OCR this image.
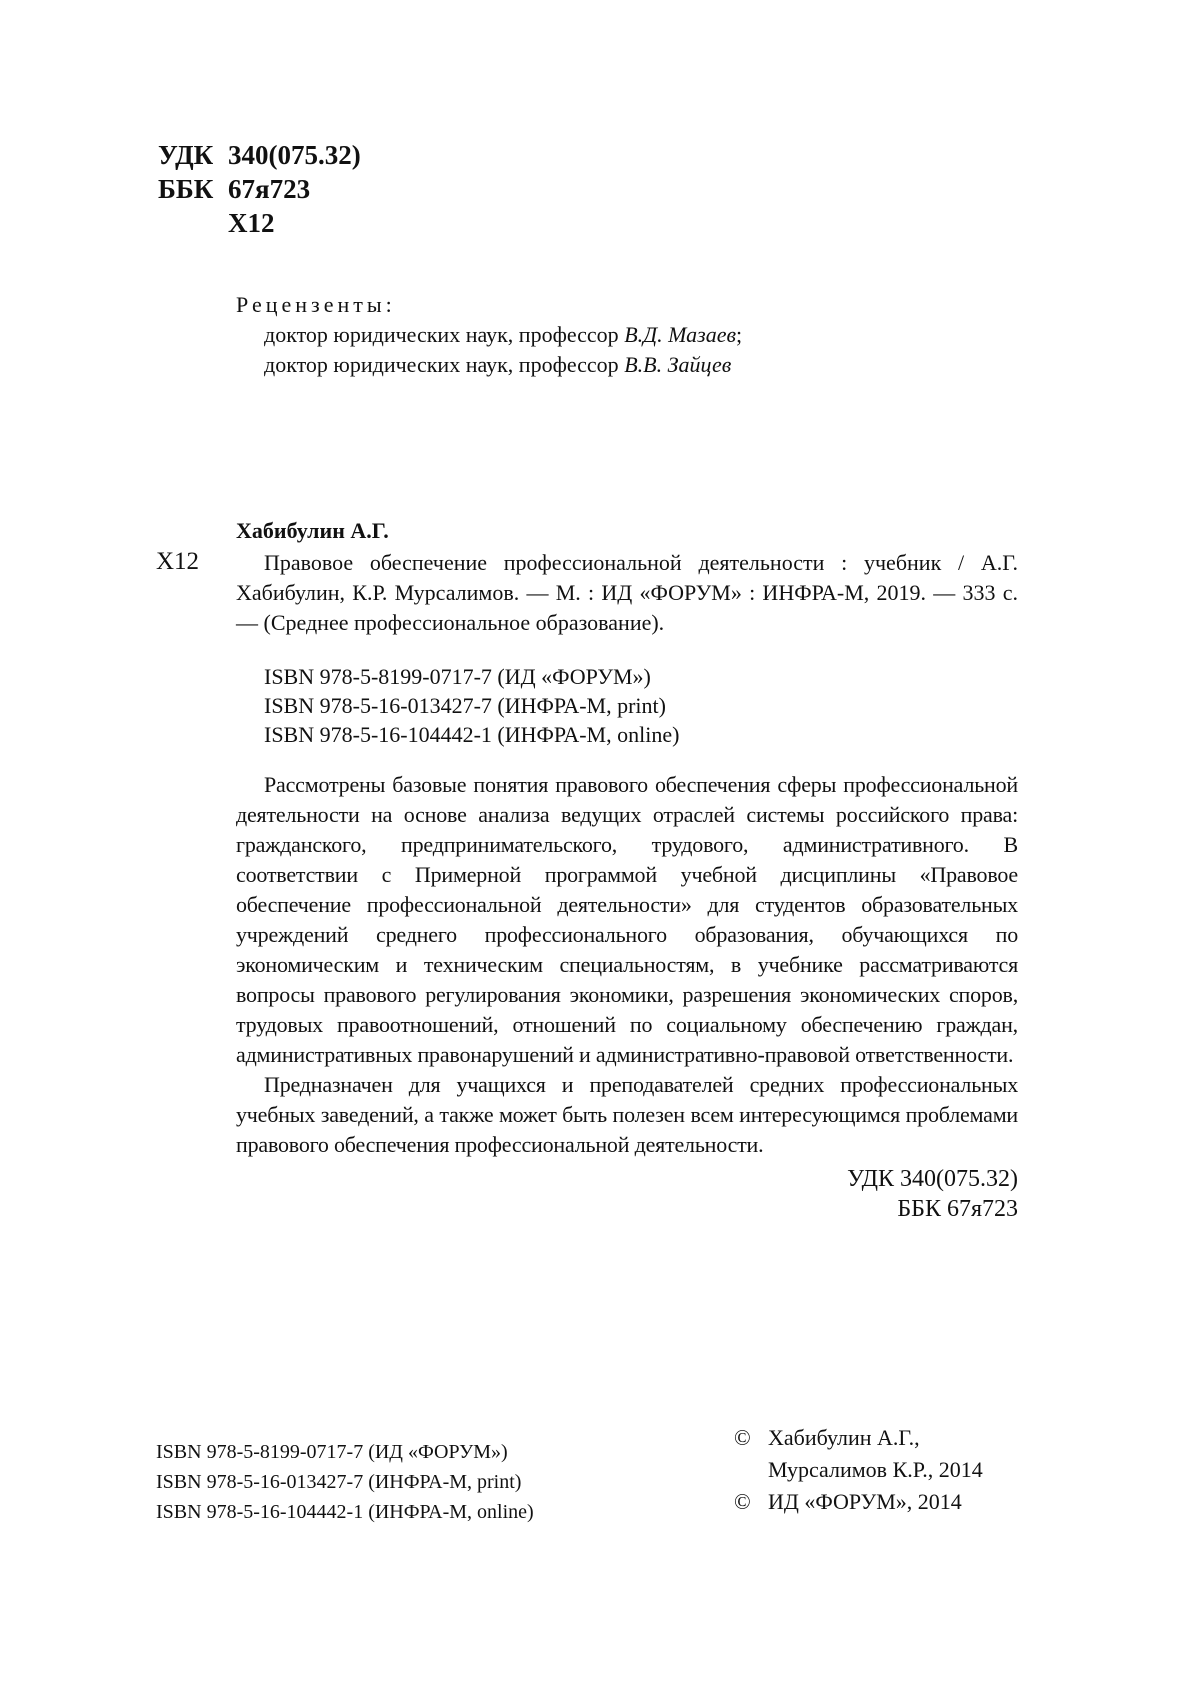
УДК 340(075.32)
ББК 67я723
Х12
Рецензенты:
доктор юридических наук, профессор В.Д. Мазаев;
доктор юридических наук, профессор В.В. Зайцев
Хабибулин А.Г.
Х12	Правовое обеспечение профессиональной деятельности : учебник / А.Г. Хабибулин, К.Р. Мурсалимов. — М. : ИД «ФОРУМ» : ИНФРА-М, 2019. — 333 с. — (Среднее профессиональное образование).

ISBN 978-5-8199-0717-7 (ИД «ФОРУМ»)
ISBN 978-5-16-013427-7 (ИНФРА-М, print)
ISBN 978-5-16-104442-1 (ИНФРА-М, online)

Рассмотрены базовые понятия правового обеспечения сферы профессиональной деятельности на основе анализа ведущих отраслей системы российского права: гражданского, предпринимательского, трудового, административного. В соответствии с Примерной программой учебной дисциплины «Правовое обеспечение профессиональной деятельности» для студентов образовательных учреждений среднего профессионального образования, обучающихся по экономическим и техническим специальностям, в учебнике рассматриваются вопросы правового регулирования экономики, разрешения экономических споров, трудовых правоотношений, отношений по социальному обеспечению граждан, административных правонарушений и административно-правовой ответственности.

Предназначен для учащихся и преподавателей средних профессиональных учебных заведений, а также может быть полезен всем интересующимся проблемами правового обеспечения профессиональной деятельности.

УДК 340(075.32)
ББК 67я723
ISBN 978-5-8199-0717-7 (ИД «ФОРУМ»)
ISBN 978-5-16-013427-7 (ИНФРА-М, print)
ISBN 978-5-16-104442-1 (ИНФРА-М, online)
© Хабибулин А.Г.,
Мурсалимов К.Р., 2014
© ИД «ФОРУМ», 2014
